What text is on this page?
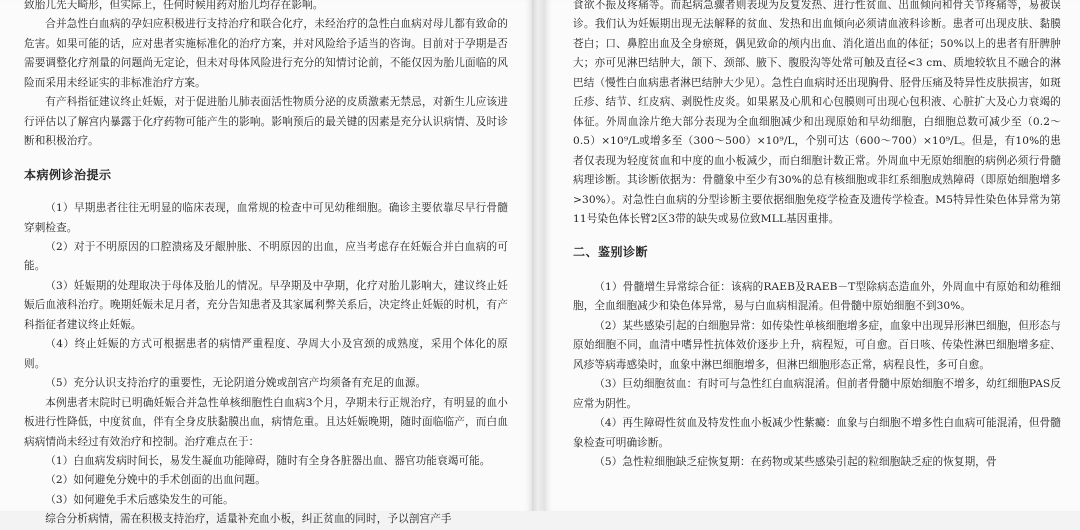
致胎儿先天畸形，但实际上，任何时候用药对胎儿均存在影响。

合并急性白血病的孕妇应积极进行支持治疗和联合化疗，未经治疗的急性白血病对母儿都有致命的危害。如果可能的话，应对患者实施标准化的治疗方案，并对风险给予适当的咨询。目前对于孕期是否需要调整化疗剂量的问题尚无定论，但未对母体风险进行充分的知情讨论前，不能仅因为胎儿面临的风险而采用未经证实的非标准治疗方案。

有产科指征建议终止妊娠，对于促进胎儿肺表面活性物质分泌的皮质激素无禁忌，对新生儿应该进行评估以了解宫内暴露于化疗药物可能产生的影响。影响预后的最关键的因素是充分认识病情、及时诊断和积极治疗。

本病例诊治提示

（1）早期患者往往无明显的临床表现，血常规的检查中可见幼稚细胞。确诊主要依靠尽早行骨髓穿刺检查。

（2）对于不明原因的口腔溃疡及牙龈肿胀、不明原因的出血，应当考虑存在妊娠合并白血病的可能。

（3）妊娠期的处理取决于母体及胎儿的情况。早孕期及中孕期，化疗对胎儿影响大，建议终止妊娠后血液科治疗。晚期妊娠未足月者，充分告知患者及其家属利弊关系后，决定终止妊娠的时机，有产科指征者建议终止妊娠。

（4）终止妊娠的方式可根据患者的病情严重程度、孕周大小及宫颈的成熟度，采用个体化的原则。

（5）充分认识支持治疗的重要性，无论阴道分娩或剖宫产均须备有充足的血源。

本例患者末院时已明确妊娠合并急性单核细胞性白血病3个月，孕期未行正规治疗，有明显的血小板进行性降低，中度贫血，伴有全身皮肤黏膜出血，病情危重。且达妊娠晚期，随时面临临产，而白血病病情尚未经过有效治疗和控制。治疗难点在于：

（1）白血病发病时间长，易发生凝血功能障碍，随时有全身各脏器出血、器官功能衰竭可能。

（2）如何避免分娩中的手术创面的出血问题。

（3）如何避免手术后感染发生的可能。

综合分析病情，需在积极支持治疗，适量补充血小板，纠正贫血的同时，予以剖宫产手

食欲不振及疼痛等。而起病急骤者则表现为反复发热、进行性贫血、出血倾向和骨关节疼痛等，易被误诊。我们认为妊娠期出现无法解释的贫血、发热和出血倾向必须请血液科诊断。患者可出现皮肤、黏膜苍白；口、鼻腔出血及全身瘀斑，偶见致命的颅内出血、消化道出血的体征；50%以上的患者有肝脾肿大；亦可见淋巴结肿大，颌下、颈部、腋下、腹股沟等处常可触及直径<3 cm、质地较软且不融合的淋巴结（慢性白血病患者淋巴结肿大少见）。急性白血病时还出现胸骨、胫骨压痛及特异性皮肤损害，如斑丘疹、结节、红皮病、剥脱性皮炎。如果累及心肌和心包膜则可出现心包积液、心脏扩大及心力衰竭的体征。外周血涂片绝大部分表现为全血细胞减少和出现原始和早幼细胞，白细胞总数可减少至（0.2～0.5）×10⁹/L或增多至（300～500）×10⁹/L，个别可达（600～700）×10⁹/L。但是，有10%的患者仅表现为轻度贫血和中度的血小板减少，而白细胞计数正常。外周血中无原始细胞的病例必须行骨髓病理诊断。其诊断依据为：骨髓象中至少有30%的总有核细胞或非红系细胞成熟障碍（即原始细胞增多>30%）。对急性白血病的分型诊断主要依据细胞免疫学检查及遗传学检查。M5特异性染色体异常为第11号染色体长臂2区3带的缺失或易位致MLL基因重排。

二、鉴别诊断

（1）骨髓增生异常综合征：该病的RAEB及RAEB－T型除病态造血外，外周血中有原始和幼稚细胞，全血细胞减少和染色体异常，易与白血病相混淆。但骨髓中原始细胞不到30%。

（2）某些感染引起的白细胞异常：如传染性单核细胞增多症，血象中出现异形淋巴细胞，但形态与原始细胞不同，血清中嗜异性抗体效价逐步上升，病程短，可自愈。百日咳、传染性淋巴细胞增多症、风疹等病毒感染时，血象中淋巴细胞增多，但淋巴细胞形态正常，病程良性，多可自愈。

（3）巨幼细胞贫血：有时可与急性红白血病混淆。但前者骨髓中原始细胞不增多，幼红细胞PAS反应常为阴性。

（4）再生障碍性贫血及特发性血小板减少性紫癜：血象与白细胞不增多性白血病可能混淆，但骨髓象检查可明确诊断。

（5）急性粒细胞缺乏症恢复期：在药物或某些感染引起的粒细胞缺乏症的恢复期，骨
